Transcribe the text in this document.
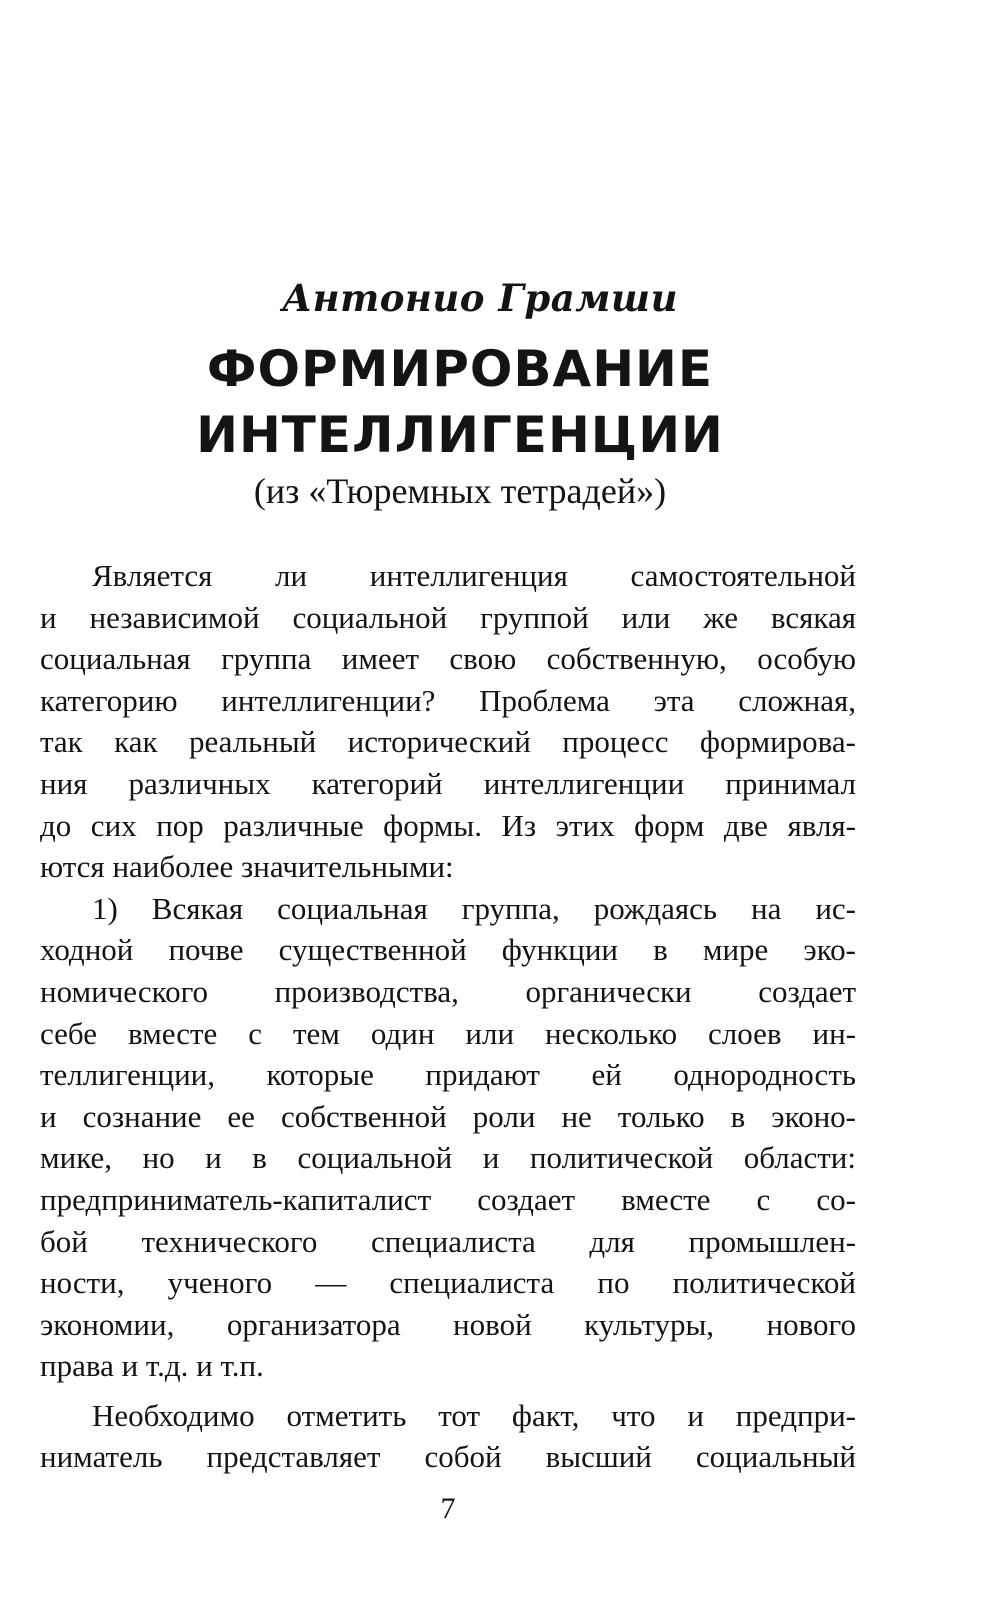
Антонио Грамши
ФОРМИРОВАНИЕ
ИНТЕЛЛИГЕНЦИИ
(из «Тюремных тетрадей»)
Является ли интеллигенция самостоятельной
и независимой социальной группой или же всякая
социальная группа имеет свою собственную, особую
категорию интеллигенции? Проблема эта сложная,
так как реальный исторический процесс формирова-
ния различных категорий интеллигенции принимал
до сих пор различные формы. Из этих форм две явля-
ются наиболее значительными:
1) Всякая социальная группа, рождаясь на ис-
ходной почве существенной функции в мире эко-
номического производства, органически создает
себе вместе с тем один или несколько слоев ин-
теллигенции, которые придают ей однородность
и сознание ее собственной роли не только в эконо-
мике, но и в социальной и политической области:
предприниматель-капиталист создает вместе с со-
бой технического специалиста для промышлен-
ности, ученого — специалиста по политической
экономии, организатора новой культуры, нового
права и т.д. и т.п.
Необходимо отметить тот факт, что и предпри-
ниматель представляет собой высший социальный
7
